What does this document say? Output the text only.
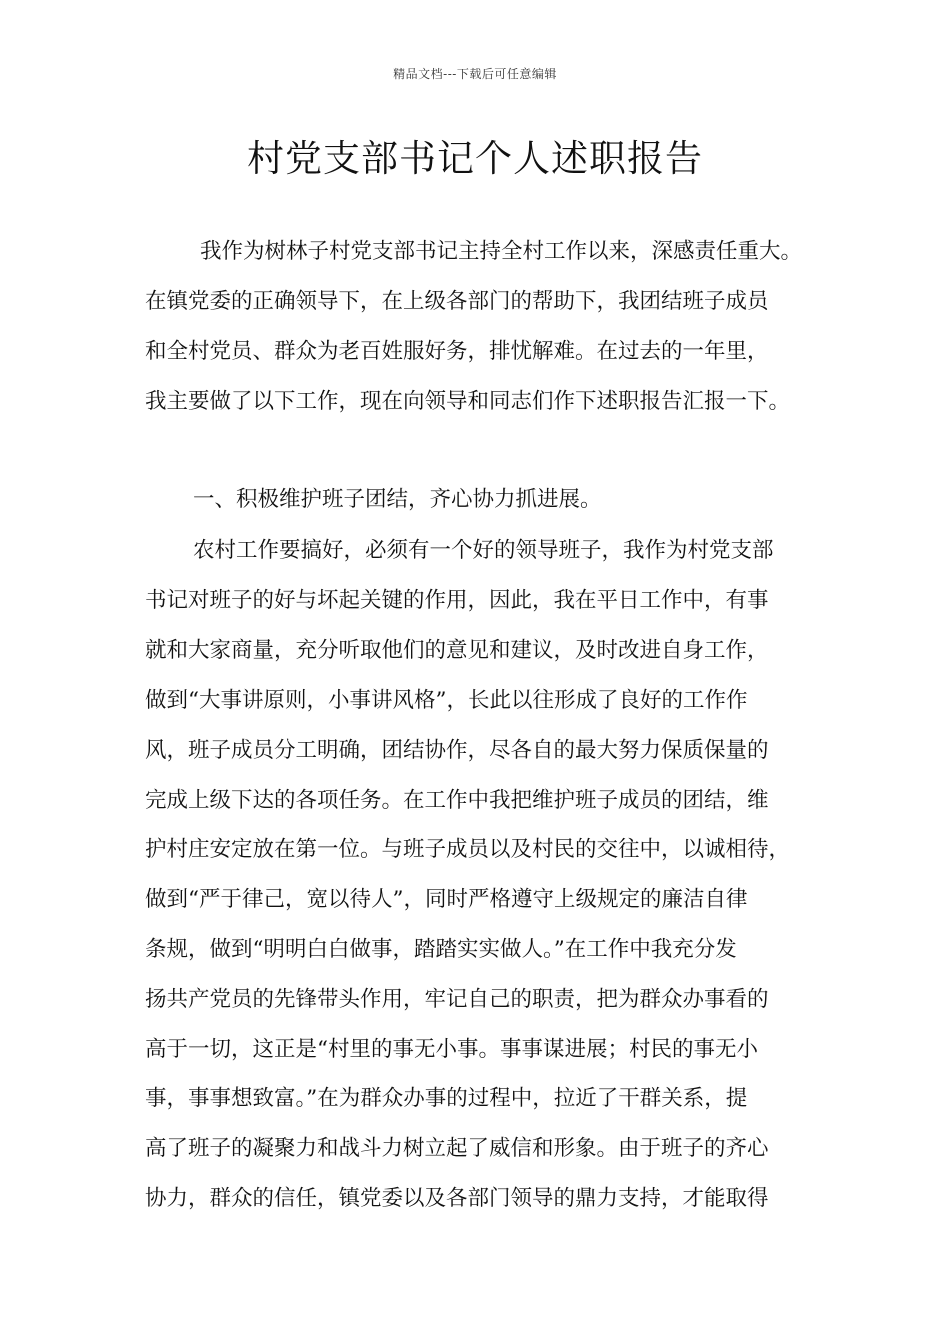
精品文档---下载后可任意编辑
村党支部书记个人述职报告
我作为树林子村党支部书记主持全村工作以来，深感责任重大。
在镇党委的正确领导下，在上级各部门的帮助下，我团结班子成员
和全村党员、群众为老百姓服好务，排忧解难。在过去的一年里，
我主要做了以下工作，现在向领导和同志们作下述职报告汇报一下。
一、积极维护班子团结，齐心协力抓进展。
农村工作要搞好，必须有一个好的领导班子，我作为村党支部
书记对班子的好与坏起关键的作用，因此，我在平日工作中，有事
就和大家商量，充分听取他们的意见和建议，及时改进自身工作，
做到“大事讲原则，小事讲风格”，长此以往形成了良好的工作作
风，班子成员分工明确，团结协作，尽各自的最大努力保质保量的
完成上级下达的各项任务。在工作中我把维护班子成员的团结，维
护村庄安定放在第一位。与班子成员以及村民的交往中，以诚相待，
做到“严于律己，宽以待人”，同时严格遵守上级规定的廉洁自律
条规，做到“明明白白做事，踏踏实实做人。”在工作中我充分发
扬共产党员的先锋带头作用，牢记自己的职责，把为群众办事看的
高于一切，这正是“村里的事无小事。事事谋进展；村民的事无小
事，事事想致富。”在为群众办事的过程中，拉近了干群关系，提
高了班子的凝聚力和战斗力树立起了威信和形象。由于班子的齐心
协力，群众的信任，镇党委以及各部门领导的鼎力支持，才能取得
